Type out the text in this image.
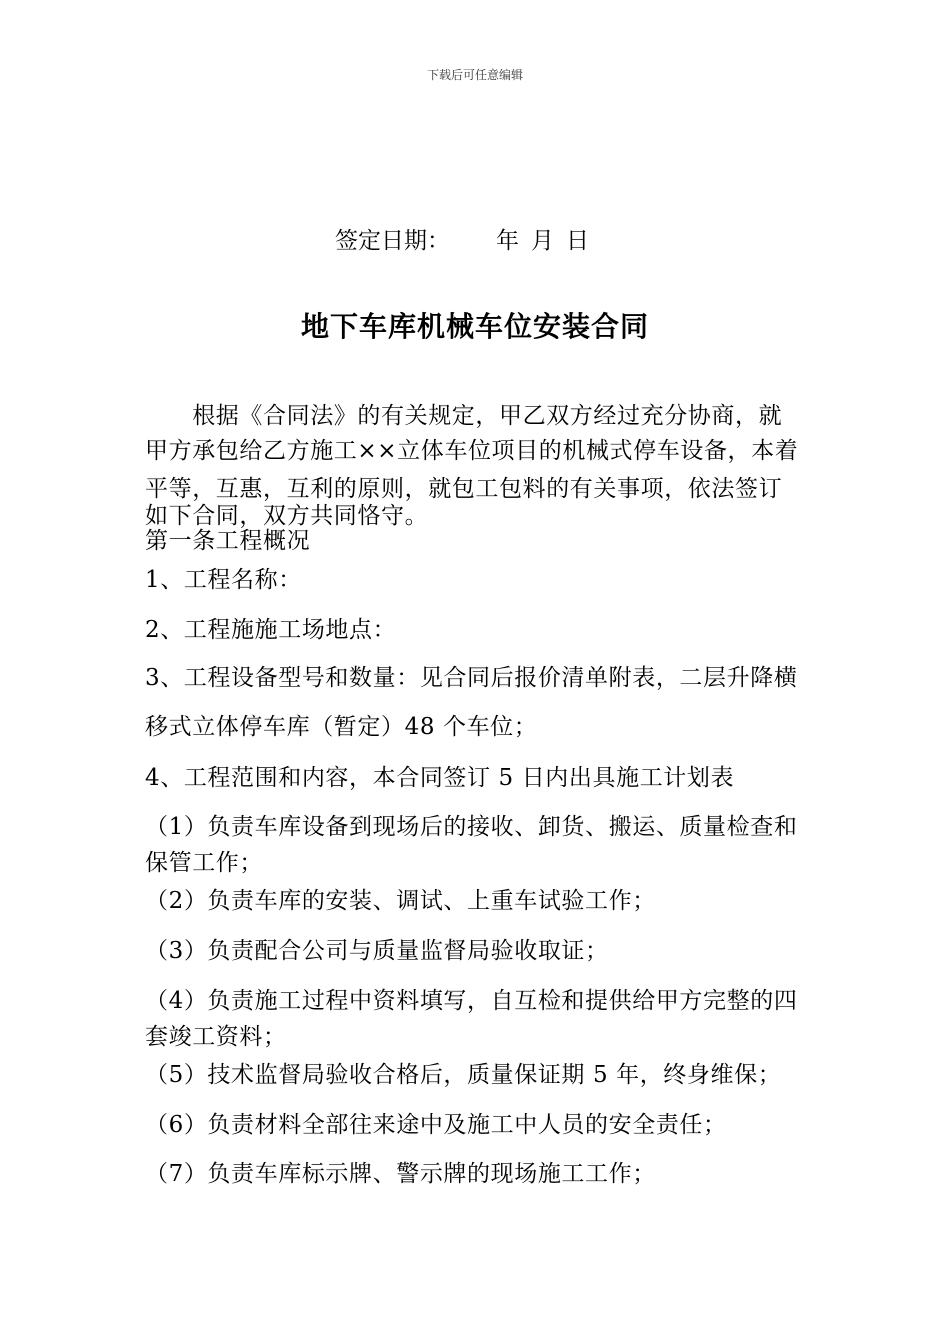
下载后可任意编辑
签定日期： 年 月 日
地下车库机械车位安装合同
　　根据《合同法》的有关规定，甲乙双方经过充分协商，就
甲方承包给乙方施工××立体车位项目的机械式停车设备，本着
平等，互惠，互利的原则，就包工包料的有关事项，依法签订
如下合同，双方共同恪守。
第一条工程概况
1、工程名称：
2、工程施施工场地点：
3、工程设备型号和数量：见合同后报价清单附表，二层升降横
移式立体停车库（暂定）48 个车位；
4、工程范围和内容，本合同签订 5 日内出具施工计划表
（1）负责车库设备到现场后的接收、卸货、搬运、质量检查和
保管工作；
（2）负责车库的安装、调试、上重车试验工作；
（3）负责配合公司与质量监督局验收取证；
（4）负责施工过程中资料填写，自互检和提供给甲方完整的四
套竣工资料；
（5）技术监督局验收合格后，质量保证期 5 年，终身维保；
（6）负责材料全部往来途中及施工中人员的安全责任；
（7）负责车库标示牌、警示牌的现场施工工作；
